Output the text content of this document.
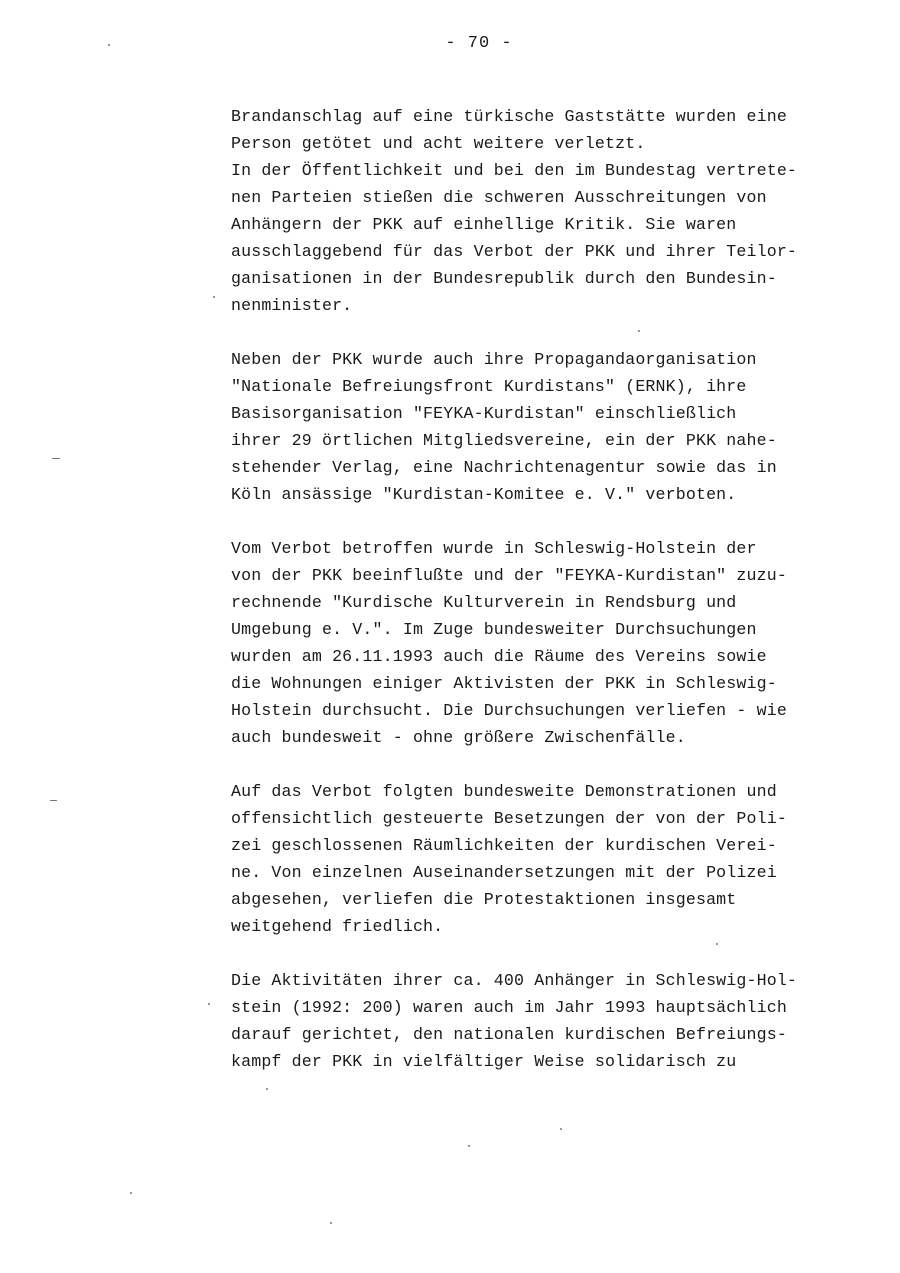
- 70 -
Brandanschlag auf eine türkische Gaststätte wurden eine
Person getötet und acht weitere verletzt.
In der Öffentlichkeit und bei den im Bundestag vertrete-
nen Parteien stießen die schweren Ausschreitungen von
Anhängern der PKK auf einhellige Kritik. Sie waren
ausschlaggebend für das Verbot der PKK und ihrer Teilor-
ganisationen in der Bundesrepublik durch den Bundesin-
nenminister.
Neben der PKK wurde auch ihre Propagandaorganisation
"Nationale Befreiungsfront Kurdistans" (ERNK), ihre
Basisorganisation "FEYKA-Kurdistan" einschließlich
ihrer 29 örtlichen Mitgliedsvereine, ein der PKK nahe-
stehender Verlag, eine Nachrichtenagentur sowie das in
Köln ansässige "Kurdistan-Komitee e. V." verboten.
Vom Verbot betroffen wurde in Schleswig-Holstein der
von der PKK beeinflußte und der "FEYKA-Kurdistan" zuzu-
rechnende "Kurdische Kulturverein in Rendsburg und
Umgebung e. V.". Im Zuge bundesweiter Durchsuchungen
wurden am 26.11.1993 auch die Räume des Vereins sowie
die Wohnungen einiger Aktivisten der PKK in Schleswig-
Holstein durchsucht. Die Durchsuchungen verliefen - wie
auch bundesweit - ohne größere Zwischenfälle.
Auf das Verbot folgten bundesweite Demonstrationen und
offensichtlich gesteuerte Besetzungen der von der Poli-
zei geschlossenen Räumlichkeiten der kurdischen Verei-
ne. Von einzelnen Auseinandersetzungen mit der Polizei
abgesehen, verliefen die Protestaktionen insgesamt
weitgehend friedlich.
Die Aktivitäten ihrer ca. 400 Anhänger in Schleswig-Hol-
stein (1992: 200) waren auch im Jahr 1993 hauptsächlich
darauf gerichtet, den nationalen kurdischen Befreiungs-
kampf der PKK in vielfältiger Weise solidarisch zu
